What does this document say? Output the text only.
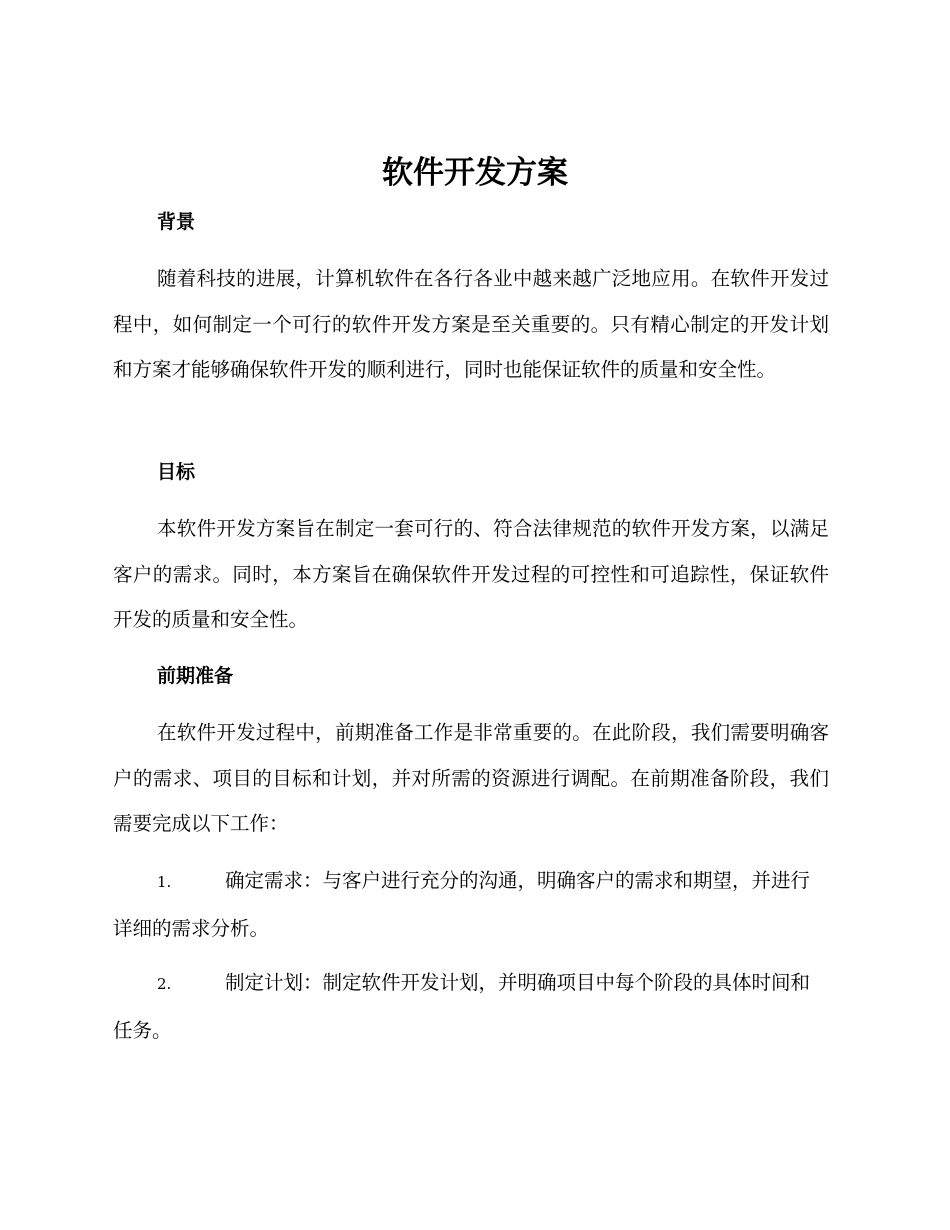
软件开发方案
背景

随着科技的进展，计算机软件在各行各业中越来越广泛地应用。在软件开发过程中，如何制定一个可行的软件开发方案是至关重要的。只有精心制定的开发计划和方案才能够确保软件开发的顺利进行，同时也能保证软件的质量和安全性。

目标

本软件开发方案旨在制定一套可行的、符合法律规范的软件开发方案，以满足客户的需求。同时，本方案旨在确保软件开发过程的可控性和可追踪性，保证软件开发的质量和安全性。

前期准备

在软件开发过程中，前期准备工作是非常重要的。在此阶段，我们需要明确客户的需求、项目的目标和计划，并对所需的资源进行调配。在前期准备阶段，我们需要完成以下工作：

1.	确定需求：与客户进行充分的沟通，明确客户的需求和期望，并进行详细的需求分析。
2.	制定计划：制定软件开发计划，并明确项目中每个阶段的具体时间和任务。
